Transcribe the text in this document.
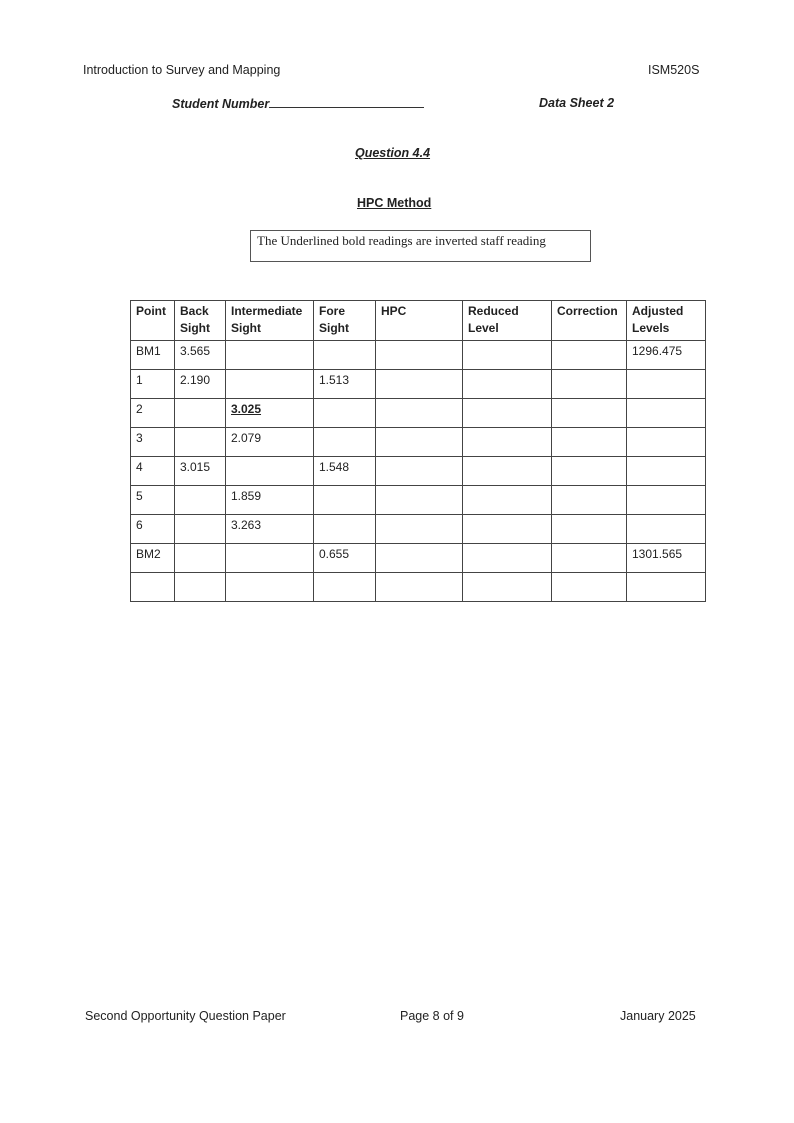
Introduction to Survey and Mapping	ISM520S
Student Number	Data Sheet 2
Question 4.4
HPC Method
The Underlined bold readings are inverted staff reading
Point	Back Sight	Intermediate Sight	Fore Sight	HPC	Reduced Level	Correction	Adjusted Levels
BM1	3.565						1296.475
1	2.190		1.513				
2		3.025					
3		2.079					
4	3.015		1.548				
5		1.859					
6		3.263					
BM2			0.655				1301.565

Second Opportunity Question Paper	Page 8 of 9	January 2025
